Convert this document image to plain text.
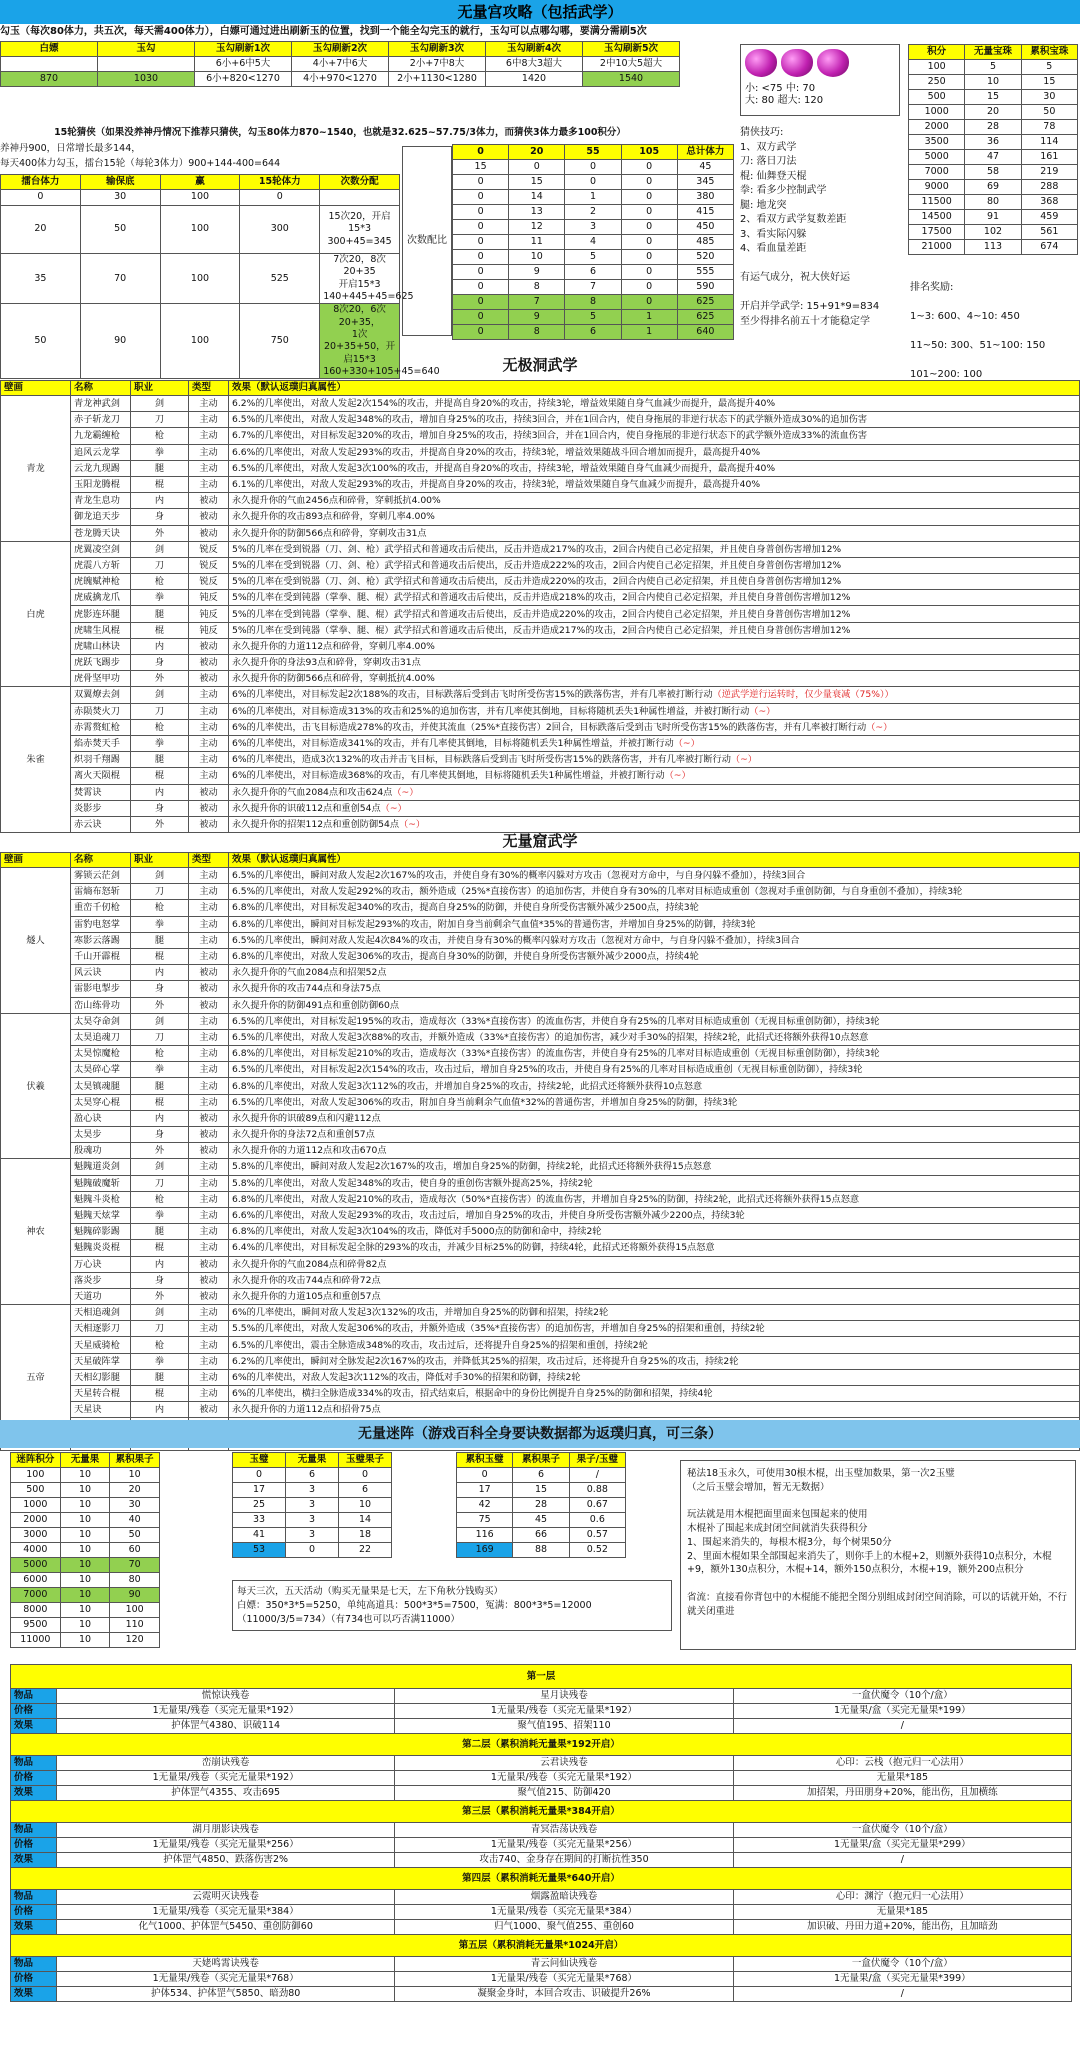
无量宫攻略（包括武学）
勾玉（每次80体力，共五次，每天需400体力），白嫖可通过进出刷新玉的位置，找到一个能全勾完玉的就行，玉勾可以点哪勾哪，要满分需刷5次
白嫖	玉勾	玉勾刷新1次	玉勾刷新2次	玉勾刷新3次	玉勾刷新4次	玉勾刷新5次
		6小+6中5大	4小+7中6大	2小+7中8大	6中8大3超大	2中10大5超大
870	1030	6小+820<1270	4小+970<1270	2小+1130<1280	1420	1540
小: <75 中: 70
大: 80 超大: 120
积分	无量宝珠	累积宝珠
100	5	5
250	10	15
500	15	30
1000	20	50
2000	28	78
3500	36	114
5000	47	161
7000	58	219
9000	69	288
11500	80	368
14500	91	459
17500	102	561
21000	113	674

排名奖励:

1~3: 600、4~10: 450

11~50: 300、51~100: 150

101~200: 100

15轮猜侠（如果没养神丹情况下推荐只猜侠，勾玉80体力870~1540，也就是32.625~57.75/3体力，而猜侠3体力最多100积分）
养神丹900，日常增长最多144，
每天400体力勾玉，擂台15轮（每轮3体力）900+144-400=644
擂台体力	输保底	赢	15轮体力	次数分配
0	30	100	0	
20	50	100	300	15次20，开启15*3
300+45=345
35	70	100	525	7次20，8次20+35
开启15*3
140+445+45=625
50	90	100	750	8次20，6次20+35，
1次20+35+50，开启15*3
160+330+105+45=640
次数配比
0	20	55	105	总计体力
15	0	0	0	45
0	15	0	0	345
0	14	1	0	380
0	13	2	0	415
0	12	3	0	450
0	11	4	0	485
0	10	5	0	520
0	9	6	0	555
0	8	7	0	590
0	7	8	0	625
0	9	5	1	625
0	8	6	1	640
猜侠技巧:
1、双方武学
刀: 落日刀法
棍: 仙舞登天棍
拳: 看多少控制武学
腿: 地龙突
2、看双方武学复数差距
3、看实际闪躲
4、看血量差距

有运气成分，祝大侠好运

开启并学武学: 15+91*9=834
至少得排名前五十才能稳定学
无极洞武学
壁画	名称	职业	类型	效果（默认返璞归真属性）
青龙	青龙神武剑	剑	主动	6.2%的几率使出，对敌人发起2次154%的攻击，并提高自身20%的攻击，持续3轮，增益效果随自身气血减少而提升，最高提升40%
	赤子斩龙刀	刀	主动	6.5%的几率使出，对敌人发起348%的攻击，增加自身25%的攻击，持续3回合，并在1回合内，使自身拖展的非逆行状态下的武学额外造成30%的追加伤害
	九龙霸缠枪	枪	主动	6.7%的几率使出，对目标发起320%的攻击，增加自身25%的攻击，持续3回合，并在1回合内，使自身拖展的非逆行状态下的武学额外造成33%的流血伤害
	追风云龙掌	拳	主动	6.6%的几率使出，对敌人发起293%的攻击，并提高自身20%的攻击，持续3轮，增益效果随战斗回合增加而提升，最高提升40%
	云龙九现踢	腿	主动	6.5%的几率使出，对敌人发起3次100%的攻击，并提高自身20%的攻击，持续3轮，增益效果随自身气血减少而提升，最高提升40%
	玉阳龙腾棍	棍	主动	6.1%的几率使出，对敌人发起293%的攻击，并提高自身20%的攻击，持续3轮，增益效果随自身气血减少而提升，最高提升40%
	青龙生息功	内	被动	永久提升你的气血2456点和碎骨，穿刺抵抗4.00%
	御龙追天步	身	被动	永久提升你的攻击893点和碎骨，穿刺几率4.00%
	苍龙腾天诀	外	被动	永久提升你的防御566点和碎骨，穿刺攻击31点
白虎	虎翼凌空剑	剑	锐反	5%的几率在受到锐器（刀、剑、枪）武学招式和普通攻击后使出，反击并造成217%的攻击，2回合内使自己必定招架，并且使自身普创伤害增加12%
	虎震八方斩	刀	锐反	5%的几率在受到锐器（刀、剑、枪）武学招式和普通攻击后使出，反击并造成222%的攻击，2回合内使自己必定招架，并且使自身普创伤害增加12%
	虎魄赋神枪	枪	锐反	5%的几率在受到锐器（刀、剑、枪）武学招式和普通攻击后使出，反击并造成220%的攻击，2回合内使自己必定招架，并且使自身普创伤害增加12%
	虎威擒龙爪	拳	钝反	5%的几率在受到钝器（掌拳、腿、棍）武学招式和普通攻击后使出，反击并造成218%的攻击，2回合内使自己必定招架，并且使自身普创伤害增加12%
	虎影连环腿	腿	钝反	5%的几率在受到钝器（掌拳、腿、棍）武学招式和普通攻击后使出，反击并造成220%的攻击，2回合内使自己必定招架，并且使自身普创伤害增加12%
	虎啸生风棍	棍	钝反	5%的几率在受到钝器（掌拳、腿、棍）武学招式和普通攻击后使出，反击并造成217%的攻击，2回合内使自己必定招架，并且使自身普创伤害增加12%
	虎啸山林诀	内	被动	永久提升你的力道112点和碎骨，穿刺几率4.00%
	虎跃飞踢步	身	被动	永久提升你的身法93点和碎骨，穿刺攻击31点
	虎骨坚甲功	外	被动	永久提升你的防御566点和碎骨，穿刺抵抗4.00%
朱雀	双翼燎去剑	剑	主动	6%的几率使出，对目标发起2次188%的攻击，目标跌落后受到击飞时所受伤害15%的跌落伤害，并有几率被打断行动（逆武学逆行运转时，仅少量衰减（75%））
	赤陨焚火刀	刀	主动	6%的几率使出，对目标造成313%的攻击和25%的追加伤害，并有几率使其倒地，目标将随机丢失1种属性增益，并被打断行动（~）
	赤霄赘虹枪	枪	主动	6%的几率使出，击飞目标造成278%的攻击，并使其流血（25%*直接伤害）2回合，目标跌落后受到击飞时所受伤害15%的跌落伤害，并有几率被打断行动（~）
	焰赤焚天手	拳	主动	6%的几率使出，对目标造成341%的攻击，并有几率使其倒地，目标将随机丢失1种属性增益，并被打断行动（~）
	炽羽千翔踢	腿	主动	6%的几率使出，造成3次132%的攻击并击飞目标，目标跌落后受到击飞时所受伤害15%的跌落伤害，并有几率被打断行动（~）
	离火天陨棍	棍	主动	6%的几率使出，对目标造成368%的攻击，有几率使其倒地，目标将随机丢失1种属性增益，并被打断行动（~）
	焚霄诀	内	被动	永久提升你的气血2084点和攻击624点（~）
	炎影步	身	被动	永久提升你的识破112点和重创54点（~）
	赤云诀	外	被动	永久提升你的招架112点和重创防御54点（~）
无量窟武学
壁画	名称	职业	类型	效果（默认返璞归真属性）
燧人	雾锁云茫剑	剑	主动	6.5%的几率使出，瞬间对敌人发起2次167%的攻击，并使自身有30%的概率闪躲对方攻击（忽视对方命中，与自身闪躲不叠加），持续3回合
	雷熵布怒斩	刀	主动	6.5%的几率使出，对敌人发起292%的攻击，额外造成（25%*直接伤害）的追加伤害，并使自身有30%的几率对目标造成重创（忽视对手重创防御，与自身重创不叠加），持续3轮
	重峦千仞枪	枪	主动	6.8%的几率使出，对目标发起340%的攻击，提高自身25%的防御，并使自身所受伤害额外减少2500点，持续3轮
	雷豹电怒掌	拳	主动	6.8%的几率使出，瞬间对目标发起293%的攻击，附加自身当前剩余气血值*35%的普通伤害，并增加自身25%的防御，持续3轮
	寒影云落踢	腿	主动	6.5%的几率使出，瞬间对敌人发起4次84%的攻击，并使自身有30%的概率闪躲对方攻击（忽视对方命中，与自身闪躲不叠加），持续3回合
	千山开霹棍	棍	主动	6.8%的几率使出，对敌人发起306%的攻击，提高自身30%的防御，并使自身所受伤害额外减少2000点，持续4轮
	风云诀	内	被动	永久提升你的气血2084点和招架52点
	雷影电掣步	身	被动	永久提升你的攻击744点和身法75点
	峦山练骨功	外	被动	永久提升你的防御491点和重创防御60点
伏羲	太昊夺命剑	剑	主动	6.5%的几率使出，对目标发起195%的攻击，造成每次（33%*直接伤害）的流血伤害，并使自身有25%的几率对目标造成重创（无视目标重创防御），持续3轮
	太昊追魂刀	刀	主动	6.5%的几率使出，对敌人发起3次88%的攻击，并额外造成（33%*直接伤害）的追加伤害，减少对手30%的招架，持续2轮，此招式还将额外获得10点怒意
	太昊惊魔枪	枪	主动	6.8%的几率使出，对目标发起210%的攻击，造成每次（33%*直接伤害）的流血伤害，并使自身有25%的几率对目标造成重创（无视目标重创防御），持续3轮
	太昊碎心掌	拳	主动	6.5%的几率使出，对目标发起2次154%的攻击，攻击过后，增加自身25%的攻击，并使自身有25%的几率对目标造成重创（无视目标重创防御），持续3轮
	太昊镇魂腿	腿	主动	6.8%的几率使出，对敌人发起3次112%的攻击，并增加自身25%的攻击，持续2轮，此招式还将额外获得10点怒意
	太昊穿心棍	棍	主动	6.5%的几率使出，对敌人发起306%的攻击，附加自身当前剩余气血值*32%的普通伤害，并增加自身25%的防御，持续3轮
	盈心诀	内	被动	永久提升你的识破89点和闪避112点
	太昊步	身	被动	永久提升你的身法72点和重创57点
	殷魂功	外	被动	永久提升你的力道112点和攻击670点
神农	魁隗道炎剑	剑	主动	5.8%的几率使出，瞬间对敌人发起2次167%的攻击，增加自身25%的防御，持续2轮，此招式还将额外获得15点怒意
	魁隗破魔斩	刀	主动	5.8%的几率使出，对敌人发起348%的攻击，使自身的重创伤害额外提高25%，持续2轮
	魁隗斗炎枪	枪	主动	6.8%的几率使出，对敌人发起210%的攻击，造成每次（50%*直接伤害）的流血伤害，并增加自身25%的防御，持续2轮，此招式还将额外获得15点怒意
	魁隗天炫掌	拳	主动	6.6%的几率使出，对敌人发起293%的攻击，攻击过后，增加自身25%的攻击，并使自身所受伤害额外减少2200点，持续3轮
	魁隗碎影踢	腿	主动	6.8%的几率使出，对敌人发起3次104%的攻击，降低对手5000点的防御和命中，持续2轮
	魁隗炎炎棍	棍	主动	6.4%的几率使出，对目标发起全脉的293%的攻击，并减少目标25%的防御，持续4轮，此招式还将额外获得15点怒意
	万心诀	内	被动	永久提升你的气血2084点和碎骨82点
	落炎步	身	被动	永久提升你的攻击744点和碎骨72点
	天道功	外	被动	永久提升你的力道105点和重创57点
五帝	天相追魂剑	剑	主动	6%的几率使出，瞬间对敌人发起3次132%的攻击，并增加自身25%的防御和招架，持续2轮
	天相逐影刀	刀	主动	5.5%的几率使出，对敌人发起306%的攻击，并额外造成（35%*直接伤害）的追加伤害，并增加自身25%的招架和重创，持续2轮
	天星威骑枪	枪	主动	6.5%的几率使出，震击全脉造成348%的攻击，攻击过后，还将提升自身25%的招架和重创，持续2轮
	天星破阵掌	拳	主动	6.2%的几率使出，瞬间对全脉发起2次167%的攻击，并降低其25%的招架，攻击过后，还将提升自身25%的攻击，持续2轮
	天相幻影腿	腿	主动	6%的几率使出，对敌人发起3次112%的攻击，降低对手30%的招架和防御，持续2轮
	天星转合棍	棍	主动	6%的几率使出，横扫全脉造成334%的攻击，招式结束后，根据命中的身份比例提升自身25%的防御和招架，持续4轮
	天星诀	内	被动	永久提升你的力道112点和招骨75点

无量迷阵（游戏百科全身要诀数据都为返璞归真，可三条）
迷阵积分	无量果	累积果子
100	10	10
500	10	20
1000	10	30
2000	10	40
3000	10	50
4000	10	60
5000	10	70
6000	10	80
7000	10	90
8000	10	100
9500	10	110
11000	10	120
玉璧	无量果	玉璧果子
0	6	0
17	3	6
25	3	10
33	3	14
41	3	18
53	0	22
累积玉璧	累积果子	果子/玉璧
0	6	/
17	15	0.88
42	28	0.67
75	45	0.6
116	66	0.57
169	88	0.52
每天三次，五天活动（购买无量果是七天，左下角秋分钱购买）
白嫖：350*3*5=5250，单纯高道具：500*3*5=7500，冤满：800*3*5=12000
（11000/3/5=734）（有734也可以巧否满11000）
秘法18玉永久，可使用30根木棍，出玉璧加数果，第一次2玉璧
（之后玉璧会增加，暂无无数据）

玩法就是用木棍把面里面来包围起来的使用
木棍补了围起来成封闭空间就消失获得积分
1、围起来消失的，每根木棍3分，每个树果50分
2、里面木棍如果全部围起来消失了，则你手上的木棍+2，则额外获得10点积分，木棍+9，额外130点积分，木棍+14，额外150点积分，木棍+19，额外200点积分

省流：直接看你背包中的木棍能不能把全图分别组成封闭空间消除，可以的话就开始，不行就关闭重进
第一层			
物品	慌惊诀残卷	星月诀残卷	一盒伏魔令（10个/盒）
价格	1无量果/残卷（买完无量果*192）	1无量果/残卷（买完无量果*192）	1无量果/盒（买完无量果*199）
效果	护体罡气4380、识破114	聚气值195、招架110	/
第二层（累积消耗无量果*192开启）			
物品	峦崩诀残卷	云君诀残卷	心印：云栈（抱元归一心法用）
价格	1无量果/残卷（买完无量果*192）	1无量果/残卷（买完无量果*192）	无量果*185
效果	护体罡气4355、攻击695	聚气值215、防御420	加招架，丹田朋身+20%，能出伤，且加横练
第三层（累积消耗无量果*384开启）			
物品	湖月朋影诀残卷	青冥浩荡诀残卷	一盒伏魔令（10个/盒）
价格	1无量果/残卷（买完无量果*256）	1无量果/残卷（买完无量果*256）	1无量果/盒（买完无量果*299）
效果	护体罡气4850、跌落伤害2%	攻击740、金身存在期间的打断抗性350	/
第四层（累积消耗无量果*640开启）			
物品	云霓明灭诀残卷	烟露盈暗诀残卷	心印：渊泞（抱元归一心法用）
价格	1无量果/残卷（买完无量果*384）	1无量果/残卷（买完无量果*384）	无量果*185
效果	化气1000、护体罡气5450、重创防御60	归气1000、聚气值255、重创60	加识破、丹田力道+20%，能出伤，且加暗劲
第五层（累积消耗无量果*1024开启）			
物品	天姥鸣霄诀残卷	青云问仙诀残卷	一盒伏魔令（10个/盒）
价格	1无量果/残卷（买完无量果*768）	1无量果/残卷（买完无量果*768）	1无量果/盒（买完无量果*399）
效果	护体534、护体罡气5850、暗劲80	凝聚金身时，本回合攻击、识破提升26%	/
